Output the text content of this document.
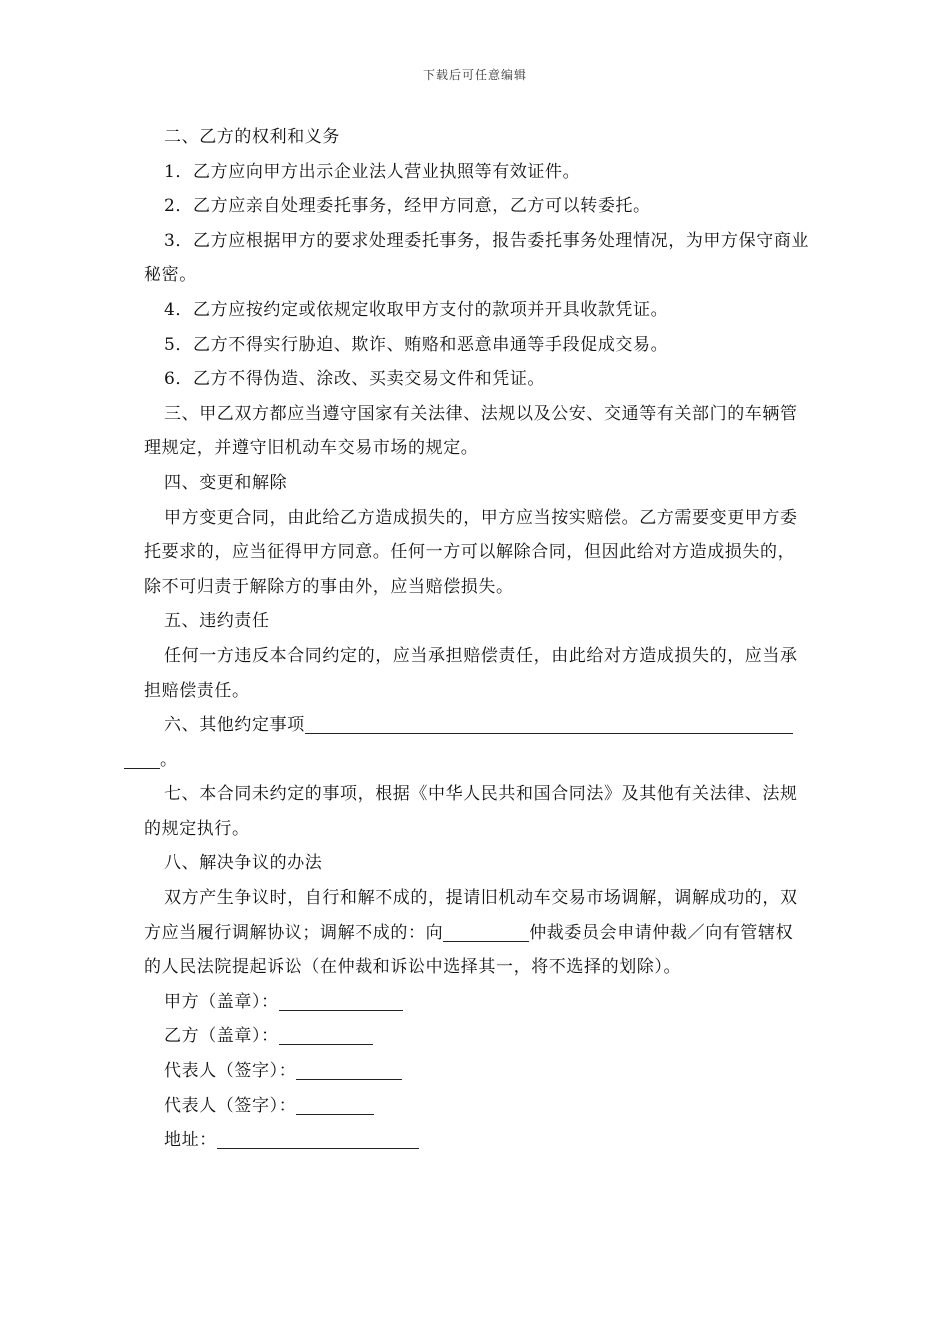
下载后可任意编辑

二、乙方的权利和义务

1．乙方应向甲方出示企业法人营业执照等有效证件。

2．乙方应亲自处理委托事务，经甲方同意，乙方可以转委托。

3．乙方应根据甲方的要求处理委托事务，报告委托事务处理情况，为甲方保守商业秘密。

4．乙方应按约定或依规定收取甲方支付的款项并开具收款凭证。

5．乙方不得实行胁迫、欺诈、贿赂和恶意串通等手段促成交易。

6．乙方不得伪造、涂改、买卖交易文件和凭证。

三、甲乙双方都应当遵守国家有关法律、法规以及公安、交通等有关部门的车辆管理规定，并遵守旧机动车交易市场的规定。

四、变更和解除

甲方变更合同，由此给乙方造成损失的，甲方应当按实赔偿。乙方需要变更甲方委托要求的，应当征得甲方同意。任何一方可以解除合同，但因此给对方造成损失的，除不可归责于解除方的事由外，应当赔偿损失。

五、违约责任

任何一方违反本合同约定的，应当承担赔偿责任，由此给对方造成损失的，应当承担赔偿责任。

六、其他约定事项
。

七、本合同未约定的事项，根据《中华人民共和国合同法》及其他有关法律、法规的规定执行。

八、解决争议的办法

双方产生争议时，自行和解不成的，提请旧机动车交易市场调解，调解成功的，双方应当履行调解协议；调解不成的：向	仲裁委员会申请仲裁／向有管辖权的人民法院提起诉讼（在仲裁和诉讼中选择其一，将不选择的划除）。

甲方（盖章）：

乙方（盖章）：

代表人（签字）：

代表人（签字）：

地址：
